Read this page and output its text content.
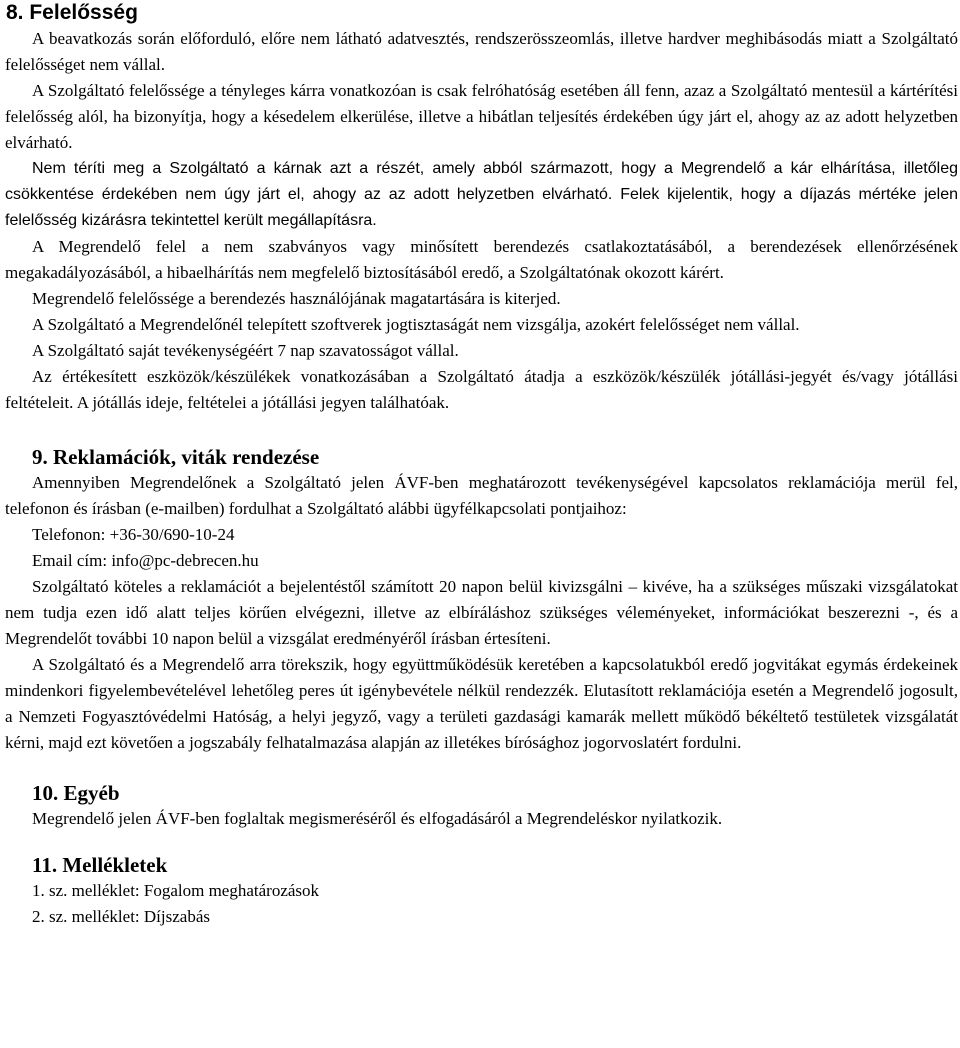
8. Felelősség

A beavatkozás során előforduló, előre nem látható adatvesztés, rendszerösszeomlás, illetve hardver meghibásodás miatt a Szolgáltató felelősséget nem vállal.

A Szolgáltató felelőssége a tényleges kárra vonatkozóan is csak felróhatóság esetében áll fenn, azaz a Szolgáltató mentesül a kártérítési felelősség alól, ha bizonyítja, hogy a késedelem elkerülése, illetve a hibátlan teljesítés érdekében úgy járt el, ahogy az az adott helyzetben elvárható.

Nem téríti meg a Szolgáltató a kárnak azt a részét, amely abból származott, hogy a Megrendelő a kár elhárítása, illetőleg csökkentése érdekében nem úgy járt el, ahogy az az adott helyzetben elvárható. Felek kijelentik, hogy a díjazás mértéke jelen felelősség kizárásra tekintettel került megállapításra.

A Megrendelő felel a nem szabványos vagy minősített berendezés csatlakoztatásából, a berendezések ellenőrzésének megakadályozásából, a hibaelhárítás nem megfelelő biztosításából eredő, a Szolgáltatónak okozott kárért.

Megrendelő felelőssége a berendezés használójának magatartására is kiterjed.

A Szolgáltató a Megrendelőnél telepített szoftverek jogtisztaságát nem vizsgálja, azokért felelősséget nem vállal.

A Szolgáltató saját tevékenységéért 7 nap szavatosságot vállal.

Az értékesített eszközök/készülékek vonatkozásában a Szolgáltató átadja a eszközök/készülék jótállási-jegyét és/vagy jótállási feltételeit. A jótállás ideje, feltételei a jótállási jegyen találhatóak.

9. Reklamációk, viták rendezése

Amennyiben Megrendelőnek a Szolgáltató jelen ÁVF-ben meghatározott tevékenységével kapcsolatos reklamációja merül fel, telefonon és írásban (e-mailben) fordulhat a Szolgáltató alábbi ügyfélkapcsolati pontjaihoz:

Telefonon: +36-30/690-10-24

Email cím: info@pc-debrecen.hu

Szolgáltató köteles a reklamációt a bejelentéstől számított 20 napon belül kivizsgálni – kivéve, ha a szükséges műszaki vizsgálatokat nem tudja ezen idő alatt teljes körűen elvégezni, illetve az elbíráláshoz szükséges véleményeket, információkat beszerezni -, és a Megrendelőt további 10 napon belül a vizsgálat eredményéről írásban értesíteni.

A Szolgáltató és a Megrendelő arra törekszik, hogy együttműködésük keretében a kapcsolatukból eredő jogvitákat egymás érdekeinek mindenkori figyelembevételével lehetőleg peres út igénybevétele nélkül rendezzék. Elutasított reklamációja esetén a Megrendelő jogosult, a Nemzeti Fogyasztóvédelmi Hatóság, a helyi jegyző, vagy a területi gazdasági kamarák mellett működő békéltető testületek vizsgálatát kérni, majd ezt követően a jogszabály felhatalmazása alapján az illetékes bírósághoz jogorvoslatért fordulni.

10. Egyéb

Megrendelő jelen ÁVF-ben foglaltak megismeréséről és elfogadásáról a Megrendeléskor nyilatkozik.

11. Mellékletek

1. sz. melléklet: Fogalom meghatározások

2. sz. melléklet: Díjszabás
